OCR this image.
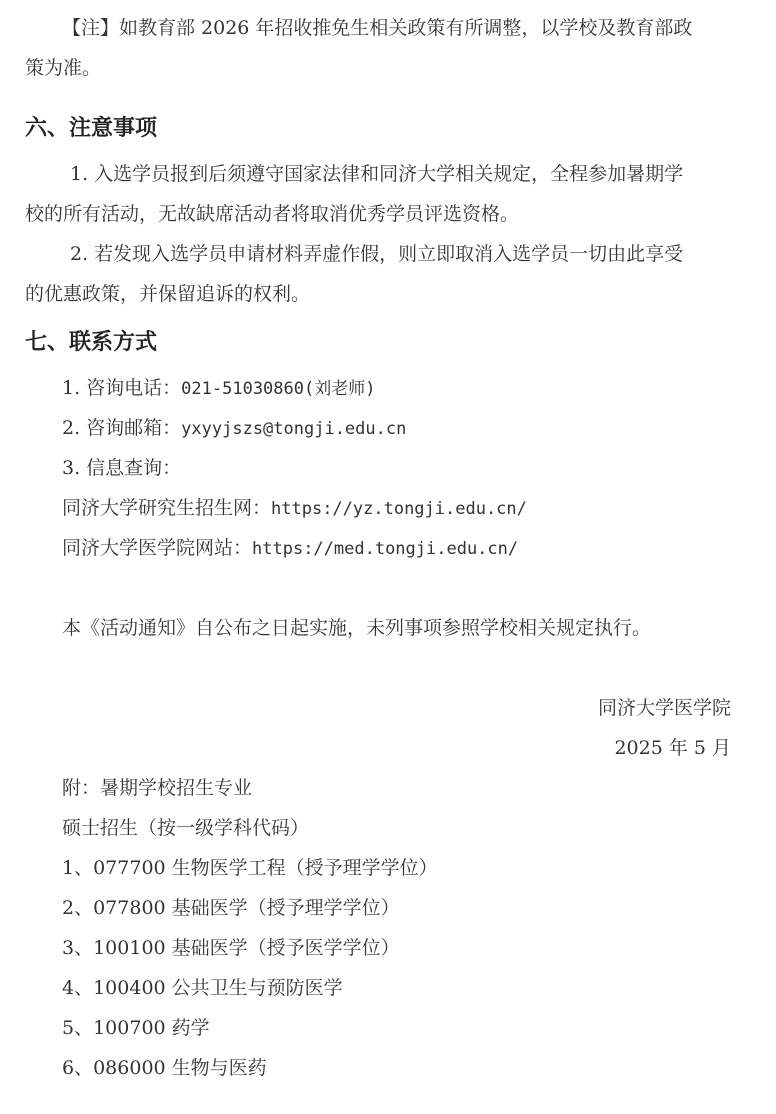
【注】如教育部 2026 年招收推免生相关政策有所调整，以学校及教育部政
策为准。
六、注意事项
1. 入选学员报到后须遵守国家法律和同济大学相关规定，全程参加暑期学
校的所有活动，无故缺席活动者将取消优秀学员评选资格。
2. 若发现入选学员申请材料弄虚作假，则立即取消入选学员一切由此享受
的优惠政策，并保留追诉的权利。
七、联系方式
1. 咨询电话：021-51030860(刘老师)
2. 咨询邮箱：yxyyjszs@tongji.edu.cn
3. 信息查询：
同济大学研究生招生网：https://yz.tongji.edu.cn/
同济大学医学院网站：https://med.tongji.edu.cn/
本《活动通知》自公布之日起实施，未列事项参照学校相关规定执行。
同济大学医学院
2025 年 5 月
附：暑期学校招生专业
硕士招生（按一级学科代码）
1、077700 生物医学工程（授予理学学位）
2、077800 基础医学（授予理学学位）
3、100100 基础医学（授予医学学位）
4、100400 公共卫生与预防医学
5、100700 药学
6、086000 生物与医药
